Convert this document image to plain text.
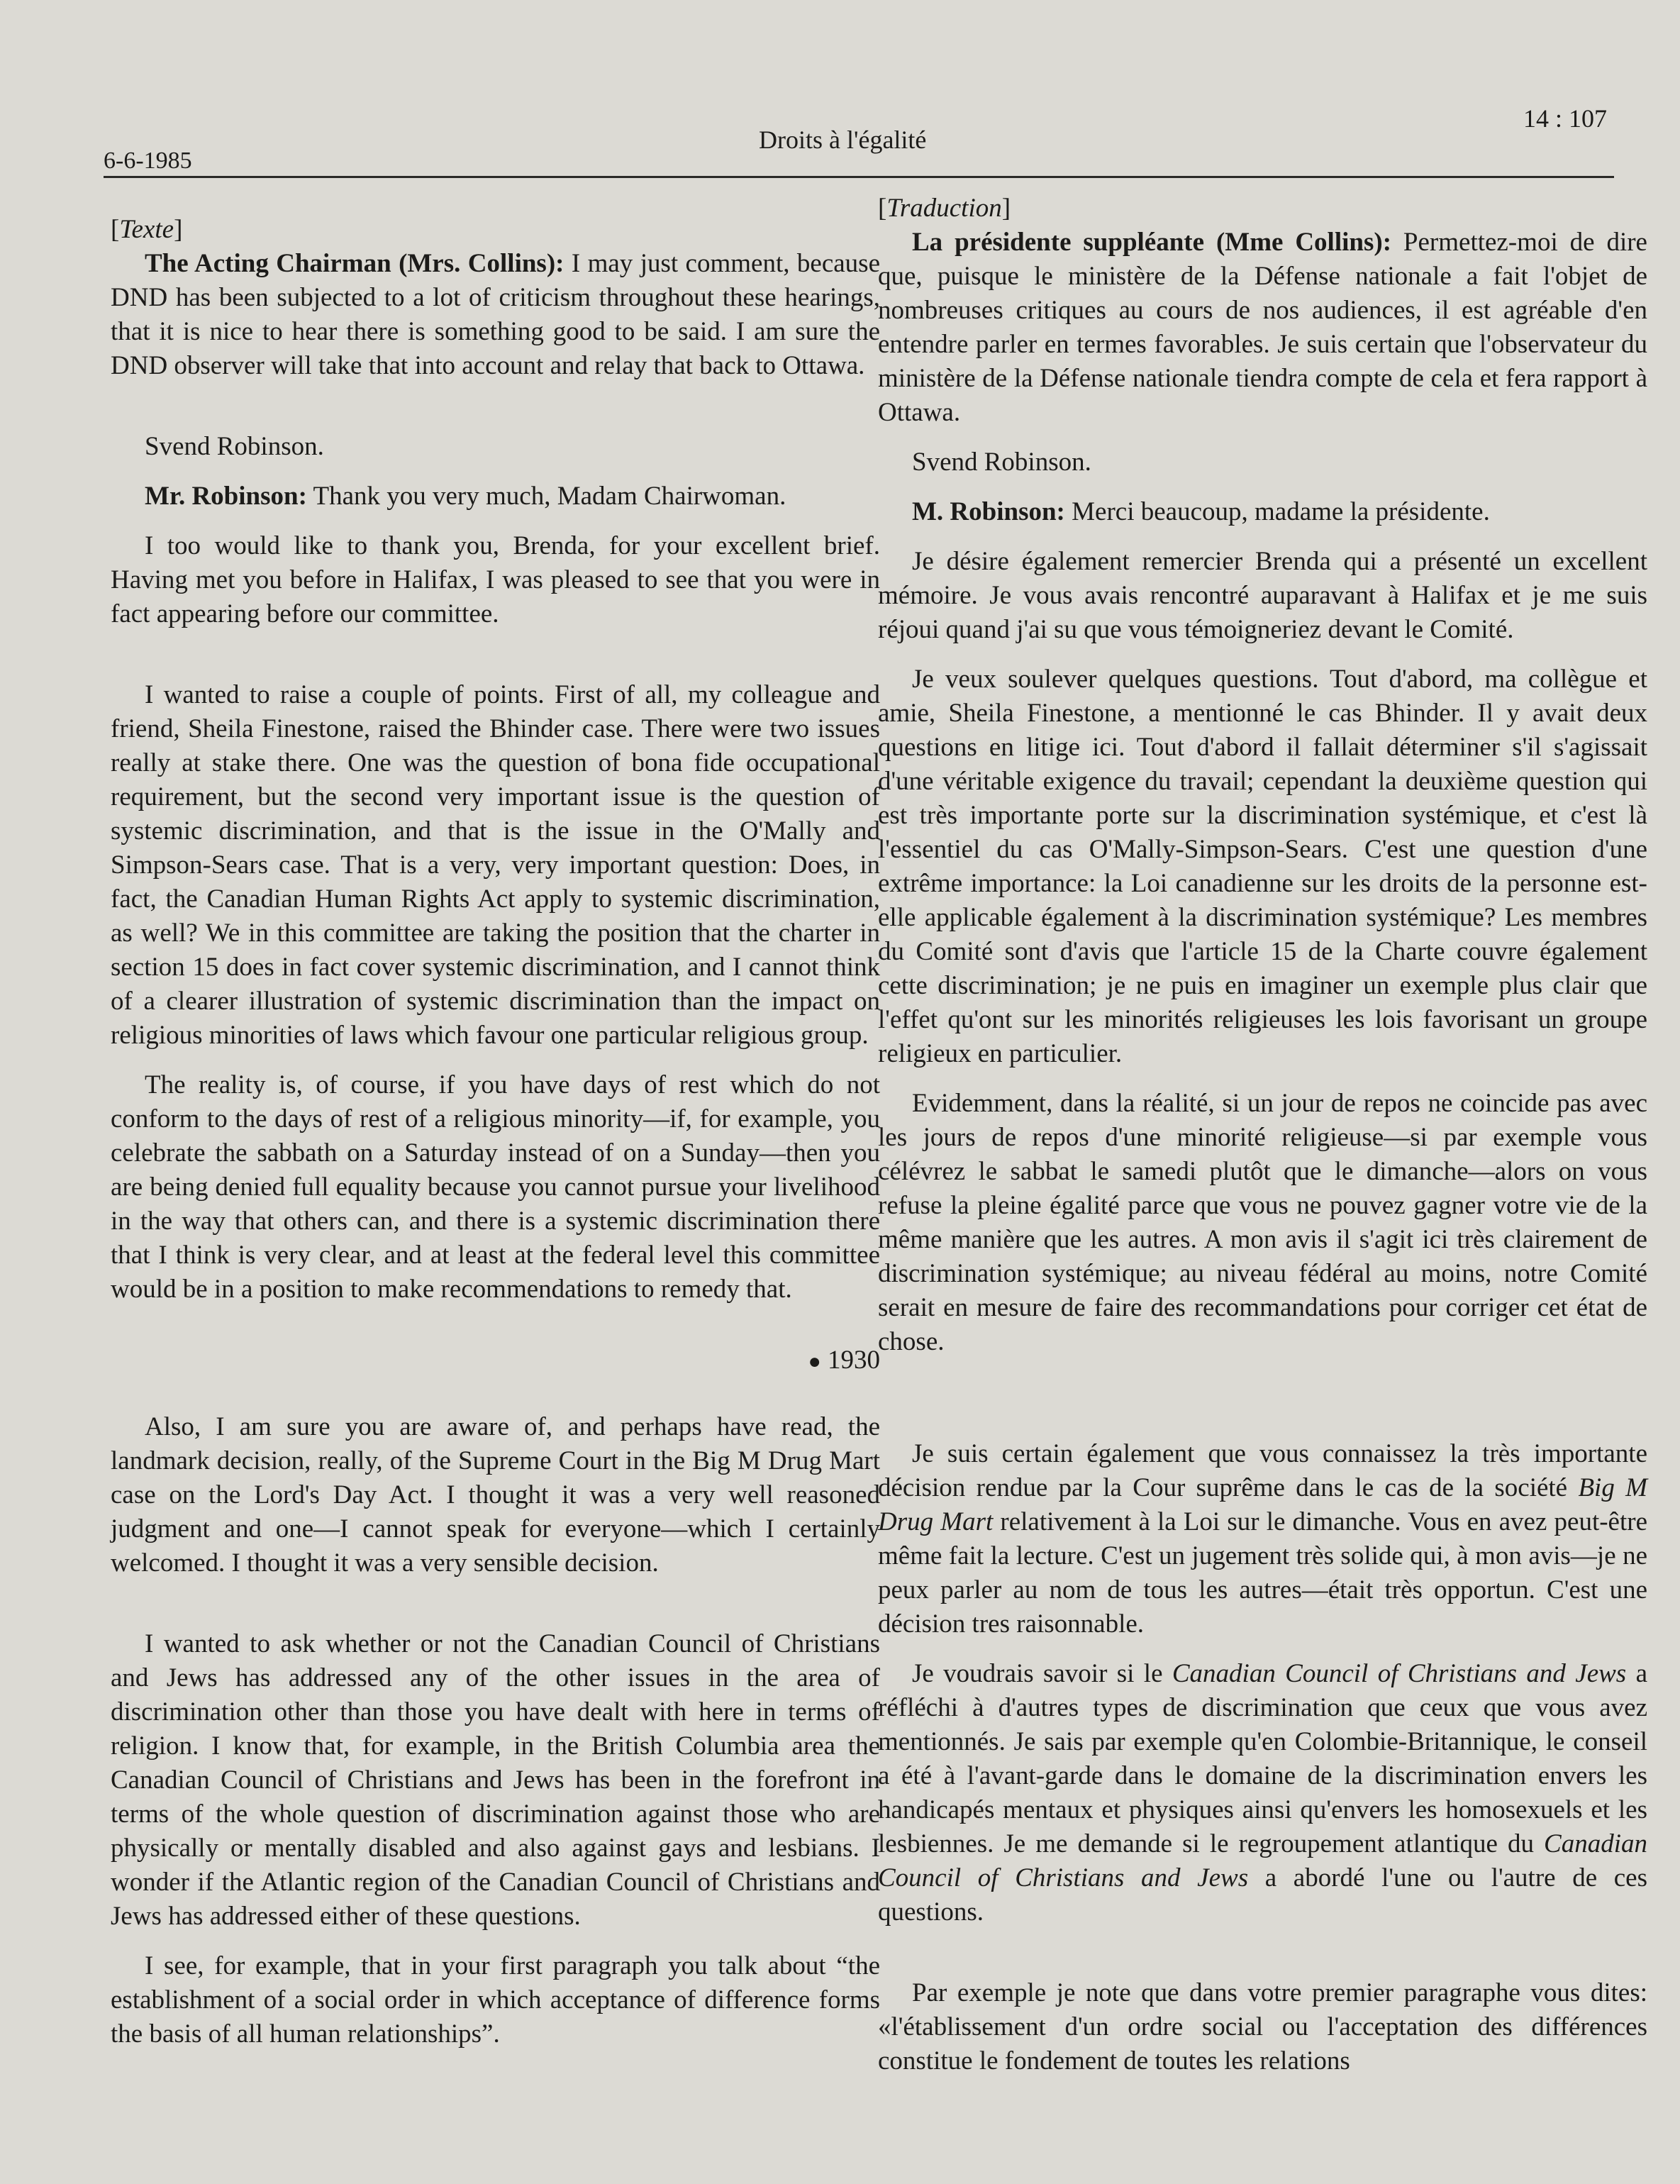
14 : 107
6-6-1985
Droits à l'égalité

[Texte]

The Acting Chairman (Mrs. Collins): I may just comment, because DND has been subjected to a lot of criticism throughout these hearings, that it is nice to hear there is something good to be said. I am sure the DND observer will take that into account and relay that back to Ottawa.

Svend Robinson.

Mr. Robinson: Thank you very much, Madam Chairwoman.

I too would like to thank you, Brenda, for your excellent brief. Having met you before in Halifax, I was pleased to see that you were in fact appearing before our committee.

I wanted to raise a couple of points. First of all, my colleague and friend, Sheila Finestone, raised the Bhinder case. There were two issues really at stake there. One was the question of bona fide occupational requirement, but the second very important issue is the question of systemic discrimination, and that is the issue in the O'Mally and Simpson-Sears case. That is a very, very important question: Does, in fact, the Canadian Human Rights Act apply to systemic discrimination, as well? We in this committee are taking the position that the charter in section 15 does in fact cover systemic discrimination, and I cannot think of a clearer illustration of systemic discrimination than the impact on religious minorities of laws which favour one particular religious group.

The reality is, of course, if you have days of rest which do not conform to the days of rest of a religious minority—if, for example, you celebrate the sabbath on a Saturday instead of on a Sunday—then you are being denied full equality because you cannot pursue your livelihood in the way that others can, and there is a systemic discrimination there that I think is very clear, and at least at the federal level this committee would be in a position to make recommendations to remedy that.

● 1930

Also, I am sure you are aware of, and perhaps have read, the landmark decision, really, of the Supreme Court in the Big M Drug Mart case on the Lord's Day Act. I thought it was a very well reasoned judgment and one—I cannot speak for everyone—which I certainly welcomed. I thought it was a very sensible decision.

I wanted to ask whether or not the Canadian Council of Christians and Jews has addressed any of the other issues in the area of discrimination other than those you have dealt with here in terms of religion. I know that, for example, in the British Columbia area the Canadian Council of Christians and Jews has been in the forefront in terms of the whole question of discrimination against those who are physically or mentally disabled and also against gays and lesbians. I wonder if the Atlantic region of the Canadian Council of Christians and Jews has addressed either of these questions.

I see, for example, that in your first paragraph you talk about “the establishment of a social order in which acceptance of difference forms the basis of all human relationships”.

[Traduction]

La présidente suppléante (Mme Collins): Permettez-moi de dire que, puisque le ministère de la Défense nationale a fait l'objet de nombreuses critiques au cours de nos audiences, il est agréable d'en entendre parler en termes favorables. Je suis certain que l'observateur du ministère de la Défense nationale tiendra compte de cela et fera rapport à Ottawa.

Svend Robinson.

M. Robinson: Merci beaucoup, madame la présidente.

Je désire également remercier Brenda qui a présenté un excellent mémoire. Je vous avais rencontré auparavant à Halifax et je me suis réjoui quand j'ai su que vous témoigneriez devant le Comité.

Je veux soulever quelques questions. Tout d'abord, ma collègue et amie, Sheila Finestone, a mentionné le cas Bhinder. Il y avait deux questions en litige ici. Tout d'abord il fallait déterminer s'il s'agissait d'une véritable exigence du travail; cependant la deuxième question qui est très importante porte sur la discrimination systémique, et c'est là l'essentiel du cas O'Mally-Simpson-Sears. C'est une question d'une extrême importance: la Loi canadienne sur les droits de la personne est-elle applicable également à la discrimination systémique? Les membres du Comité sont d'avis que l'article 15 de la Charte couvre également cette discrimination; je ne puis en imaginer un exemple plus clair que l'effet qu'ont sur les minorités religieuses les lois favorisant un groupe religieux en particulier.

Evidemment, dans la réalité, si un jour de repos ne coincide pas avec les jours de repos d'une minorité religieuse—si par exemple vous célévrez le sabbat le samedi plutôt que le dimanche—alors on vous refuse la pleine égalité parce que vous ne pouvez gagner votre vie de la même manière que les autres. A mon avis il s'agit ici très clairement de discrimination systémique; au niveau fédéral au moins, notre Comité serait en mesure de faire des recommandations pour corriger cet état de chose.

Je suis certain également que vous connaissez la très importante décision rendue par la Cour suprême dans le cas de la société Big M Drug Mart relativement à la Loi sur le dimanche. Vous en avez peut-être même fait la lecture. C'est un jugement très solide qui, à mon avis—je ne peux parler au nom de tous les autres—était très opportun. C'est une décision tres raisonnable.

Je voudrais savoir si le Canadian Council of Christians and Jews a réfléchi à d'autres types de discrimination que ceux que vous avez mentionnés. Je sais par exemple qu'en Colombie-Britannique, le conseil a été à l'avant-garde dans le domaine de la discrimination envers les handicapés mentaux et physiques ainsi qu'envers les homosexuels et les lesbiennes. Je me demande si le regroupement atlantique du Canadian Council of Christians and Jews a abordé l'une ou l'autre de ces questions.

Par exemple je note que dans votre premier paragraphe vous dites: «l'établissement d'un ordre social ou l'acceptation des différences constitue le fondement de toutes les relations
